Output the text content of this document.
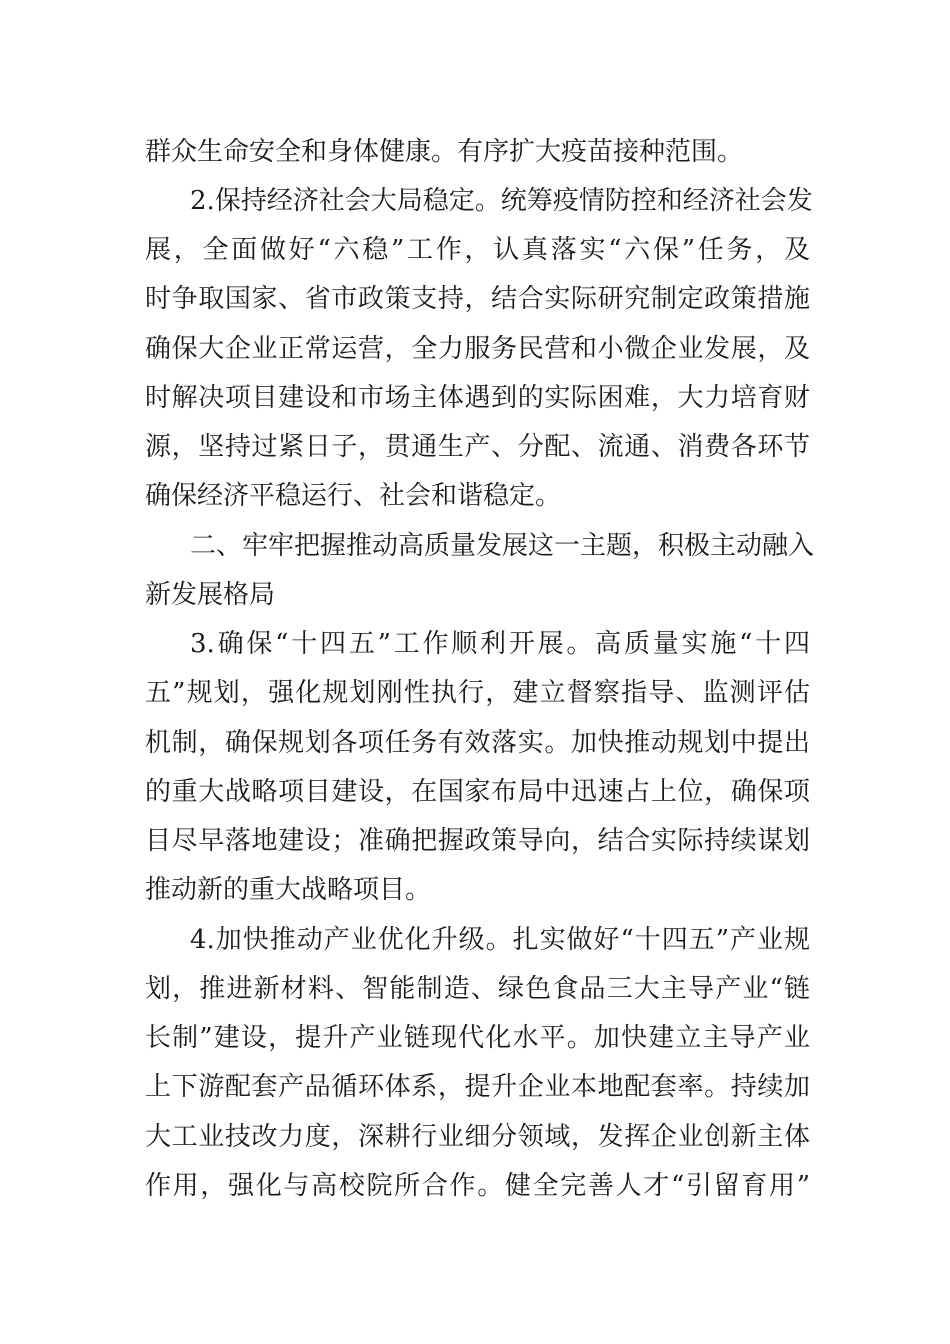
群众生命安全和身体健康。有序扩大疫苗接种范围。
2.保持经济社会大局稳定。统筹疫情防控和经济社会发
展，全面做好“六稳”工作，认真落实“六保”任务，及
时争取国家、省市政策支持，结合实际研究制定政策措施
确保大企业正常运营，全力服务民营和小微企业发展，及
时解决项目建设和市场主体遇到的实际困难，大力培育财
源，坚持过紧日子，贯通生产、分配、流通、消费各环节
确保经济平稳运行、社会和谐稳定。
二、牢牢把握推动高质量发展这一主题，积极主动融入
新发展格局
3.确保“十四五”工作顺利开展。高质量实施“十四
五”规划，强化规划刚性执行，建立督察指导、监测评估
机制，确保规划各项任务有效落实。加快推动规划中提出
的重大战略项目建设，在国家布局中迅速占上位，确保项
目尽早落地建设；准确把握政策导向，结合实际持续谋划
推动新的重大战略项目。
4.加快推动产业优化升级。扎实做好“十四五”产业规
划，推进新材料、智能制造、绿色食品三大主导产业“链
长制”建设，提升产业链现代化水平。加快建立主导产业
上下游配套产品循环体系，提升企业本地配套率。持续加
大工业技改力度，深耕行业细分领域，发挥企业创新主体
作用，强化与高校院所合作。健全完善人才“引留育用”
